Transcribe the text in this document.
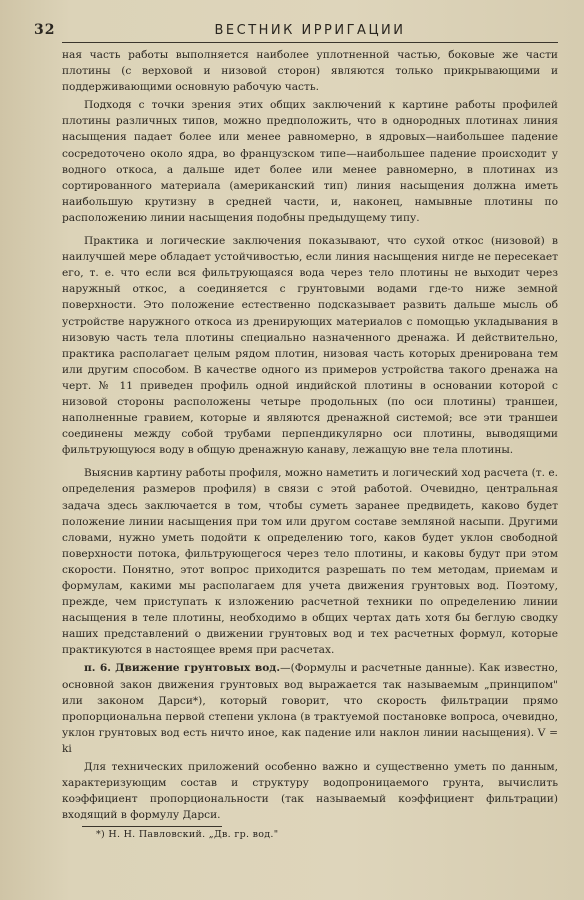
32	ВЕСТНИК ИРРИГАЦИИ

ная часть работы выполняется наиболее уплотненной частью, боковые же части плотины (с верховой и низовой сторон) являются только прикрывающими и поддерживающими основную рабочую часть.

Подходя с точки зрения этих общих заключений к картине работы профилей плотины различных типов, можно предположить, что в однородных плотинах линия насыщения падает более или менее равномерно, в ядровых—наибольшее падение сосредоточено около ядра, во французском типе—наибольшее падение происходит у водного откоса, а дальше идет более или менее равномерно, в плотинах из сортированного материала (американский тип) линия насыщения должна иметь наибольшую крутизну в средней части, и, наконец, намывные плотины по расположению линии насыщения подобны предыдущему типу.

Практика и логические заключения показывают, что сухой откос (низовой) в наилучшей мере обладает устойчивостью, если линия насыщения нигде не пересекает его, т. е. что если вся фильтрующаяся вода через тело плотины не выходит через наружный откос, а соединяется с грунтовыми водами где-то ниже земной поверхности. Это положение естественно подсказывает развить дальше мысль об устройстве наружного откоса из дренирующих материалов с помощью укладывания в низовую часть тела плотины специально назначенного дренажа. И действительно, практика располагает целым рядом плотин, низовая часть которых дренирована тем или другим способом. В качестве одного из примеров устройства такого дренажа на черт. № 11 приведен профиль одной индийской плотины в основании которой с низовой стороны расположены четыре продольных (по оси плотины) траншеи, наполненные гравием, которые и являются дренажной системой; все эти траншеи соединены между собой трубами перпендикулярно оси плотины, выводящими фильтрующуюся воду в общую дренажную канаву, лежащую вне тела плотины.

Выяснив картину работы профиля, можно наметить и логический ход расчета (т. е. определения размеров профиля) в связи с этой работой. Очевидно, центральная задача здесь заключается в том, чтобы суметь заранее предвидеть, каково будет положение линии насыщения при том или другом составе земляной насыпи. Другими словами, нужно уметь подойти к определению того, каков будет уклон свободной поверхности потока, фильтрующегося через тело плотины, и каковы будут при этом скорости. Понятно, этот вопрос приходится разрешать по тем методам, приемам и формулам, какими мы располагаем для учета движения грунтовых вод. Поэтому, прежде, чем приступать к изложению расчетной техники по определению линии насыщения в теле плотины, необходимо в общих чертах дать хотя бы беглую сводку наших представлений о движении грунтовых вод и тех расчетных формул, которые практикуются в настоящее время при расчетах.

п. 6. Движение грунтовых вод.—(Формулы и расчетные данные). Как известно, основной закон движения грунтовых вод выражается так называемым „принципом" или законом Дарси*), который говорит, что скорость фильтрации прямо пропорциональна первой степени уклона (в трактуемой постановке вопроса, очевидно, уклон грунтовых вод есть ничто иное, как падение или наклон линии насыщения). V = ki

Для технических приложений особенно важно и существенно уметь по данным, характеризующим состав и структуру водопроницаемого грунта, вычислить коэффициент пропорциональности (так называемый коэффициент фильтрации) входящий в формулу Дарси.

*) Н. Н. Павловский. „Дв. гр. вод."
